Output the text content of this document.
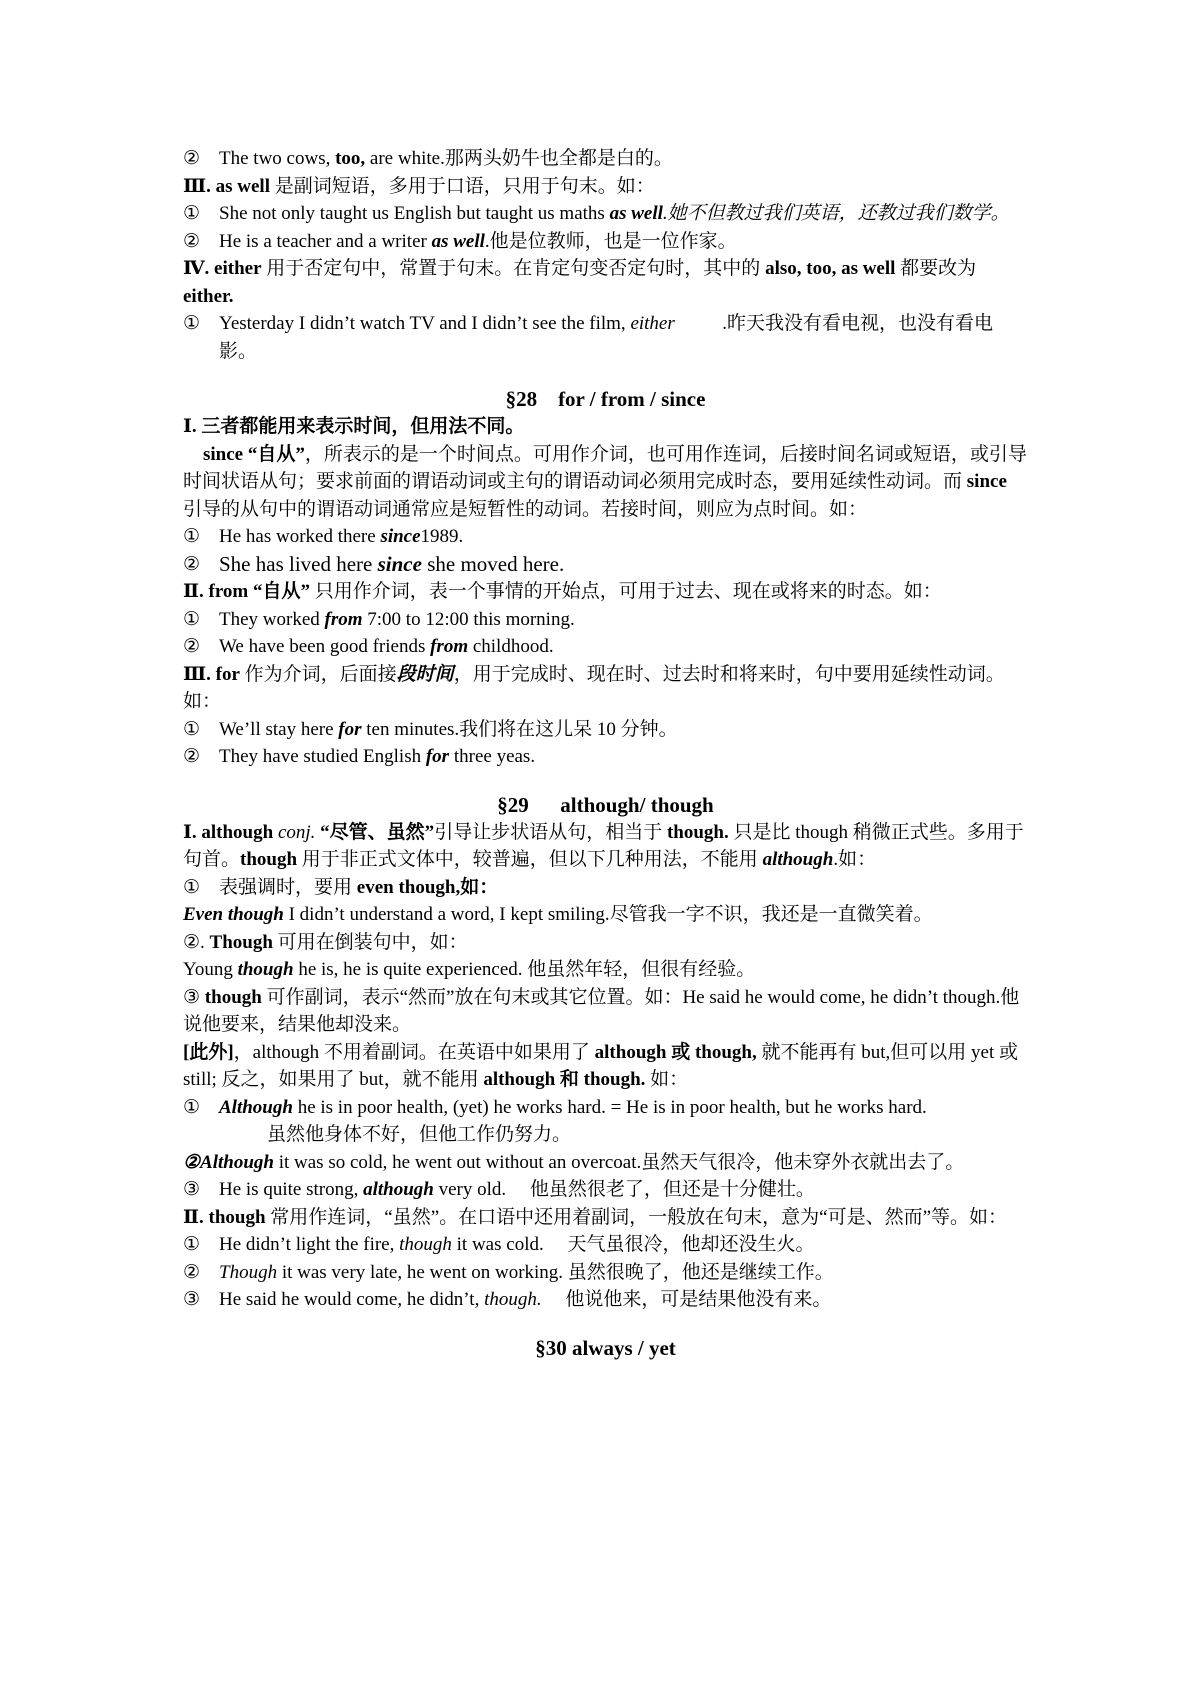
② The two cows, too, are white.那两头奶牛也全都是白的。

Ⅲ. as well 是副词短语，多用于口语，只用于句末。如：

① She not only taught us English but taught us maths as well.她不但教过我们英语，还教过我们数学。
② He is a teacher and a writer as well.他是位教师，也是一位作家。

Ⅳ. either 用于否定句中，常置于句末。在肯定句变否定句时，其中的 also, too, as well 都要改为 either.

① Yesterday I didn’t watch TV and I didn’t see the film, either          .昨天我没有看电视，也没有看电影。

§28    for / from / since

Ⅰ. 三者都能用来表示时间，但用法不同。

since “自从”，所表示的是一个时间点。可用作介词，也可用作连词，后接时间名词或短语，或引导时间状语从句；要求前面的谓语动词或主句的谓语动词必须用完成时态，要用延续性动词。而 since 引导的从句中的谓语动词通常应是短暂性的动词。若接时间，则应为点时间。如：

① He has worked there since1989.
② She has lived here since she moved here.

Ⅱ. from “自从” 只用作介词，表一个事情的开始点，可用于过去、现在或将来的时态。如：

① They worked from 7:00 to 12:00 this morning.
② We have been good friends from childhood.

Ⅲ. for 作为介词，后面接段时间，用于完成时、现在时、过去时和将来时，句中要用延续性动词。如：

① We’ll stay here for ten minutes.我们将在这儿呆 10 分钟。
② They have studied English for three yeas.

§29      although/ though

Ⅰ. although conj. “尽管、虽然”引导让步状语从句，相当于 though. 只是比 though 稍微正式些。多用于句首。though 用于非正式文体中，较普遍，但以下几种用法，不能用 although.如：

① 表强调时，要用 even though,如：

Even though I didn’t understand a word, I kept smiling.尽管我一字不识，我还是一直微笑着。

②. Though 可用在倒装句中，如：

Young though he is, he is quite experienced. 他虽然年轻，但很有经验。

③ though 可作副词，表示“然而”放在句末或其它位置。如：He said he would come, he didn’t though.他说他要来，结果他却没来。

[此外]，although 不用着副词。在英语中如果用了 although 或 though, 就不能再有 but,但可以用 yet 或 still; 反之，如果用了 but，就不能用 although 和 though. 如：

① Although he is in poor health, (yet) he works hard. = He is in poor health, but he works hard.
虽然他身体不好，但他工作仍努力。

②Although it was so cold, he went out without an overcoat.虽然天气很冷，他未穿外衣就出去了。

③ He is quite strong, although very old.     他虽然很老了，但还是十分健壮。

Ⅱ. though 常用作连词，“虽然”。在口语中还用着副词，一般放在句末，意为“可是、然而”等。如：

① He didn’t light the fire, though it was cold.     天气虽很冷，他却还没生火。
② Though it was very late, he went on working. 虽然很晚了，他还是继续工作。
③ He said he would come, he didn’t, though.     他说他来，可是结果他没有来。

§30 always / yet
